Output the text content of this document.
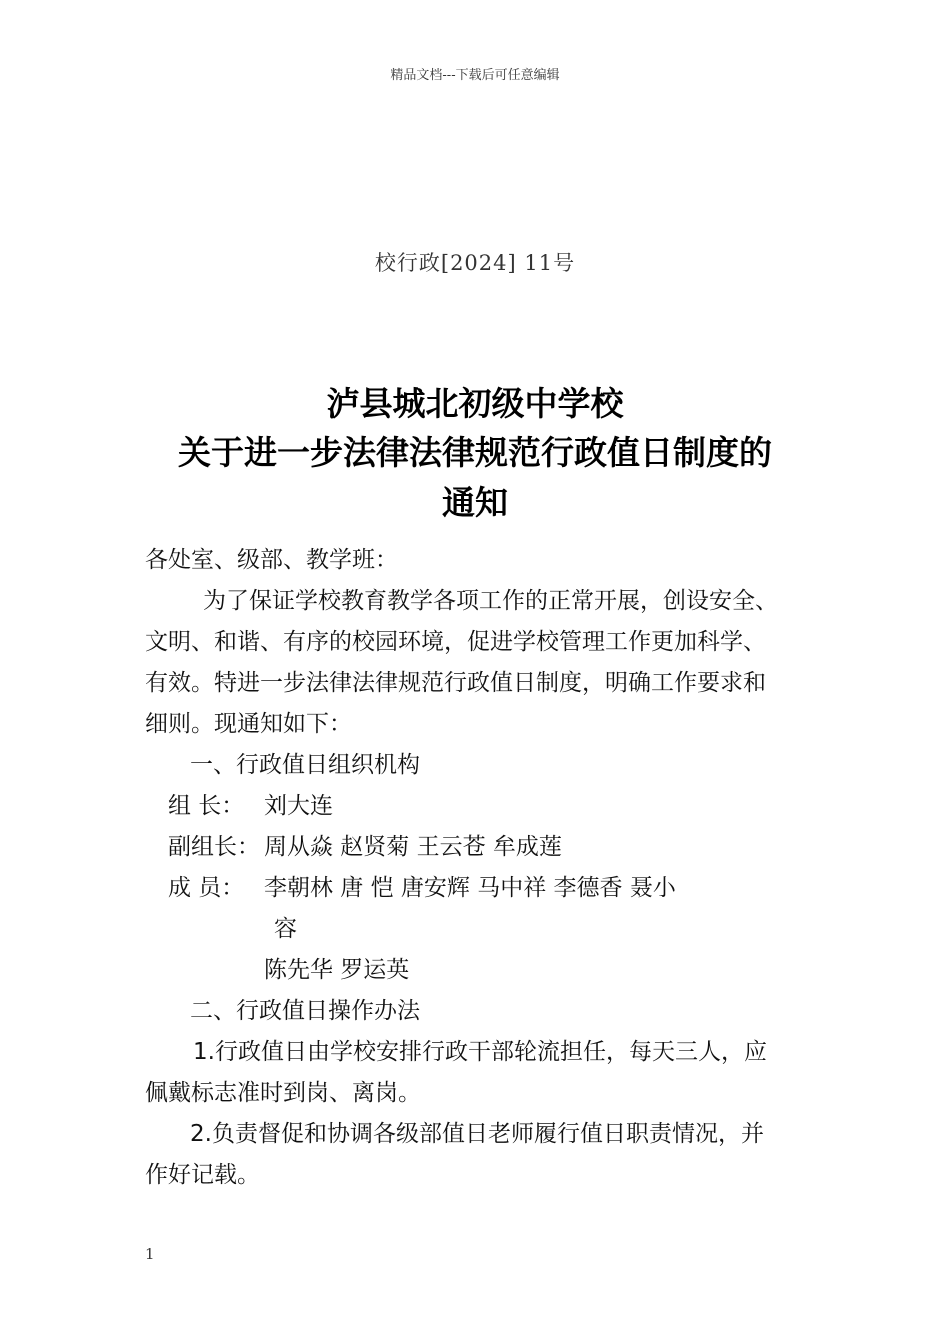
精品文档---下载后可任意编辑
校行政[2024] 11号
泸县城北初级中学校
关于进一步法律法律规范行政值日制度的
通知
各处室、级部、教学班：
为了保证学校教育教学各项工作的正常开展，创设安全、
文明、和谐、有序的校园环境，促进学校管理工作更加科学、
有效。特进一步法律法律规范行政值日制度，明确工作要求和
细则。现通知如下：
一、行政值日组织机构
组 长： 刘大连
副组长： 周从焱 赵贤菊 王云苍 牟成莲
成 员： 李朝林 唐 恺 唐安辉 马中祥 李德香 聂小
容
陈先华 罗运英
二、行政值日操作办法
1.行政值日由学校安排行政干部轮流担任，每天三人，应
佩戴标志准时到岗、离岗。
2.负责督促和协调各级部值日老师履行值日职责情况，并
作好记载。
1
